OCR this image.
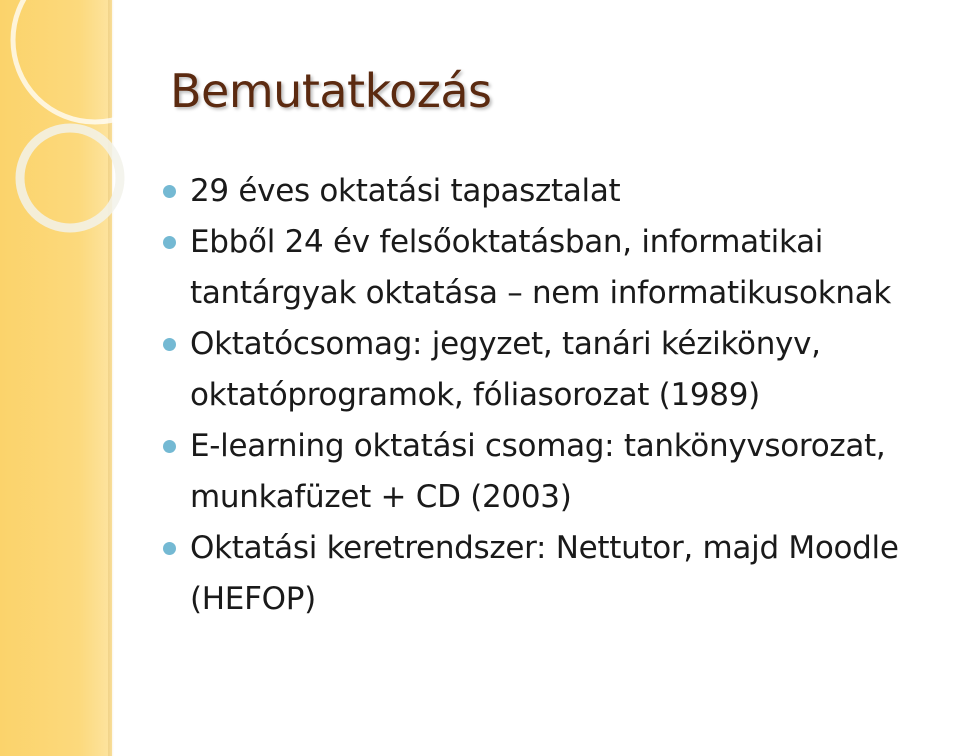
Bemutatkozás
29 éves oktatási tapasztalat
Ebből 24 év felsőoktatásban, informatikai tantárgyak oktatása – nem informatikusoknak
Oktatócsomag: jegyzet, tanári kézikönyv, oktatóprogramok, fóliasorozat (1989)
E-learning oktatási csomag: tankönyvsorozat, munkafüzet + CD (2003)
Oktatási keretrendszer: Nettutor, majd Moodle (HEFOP)
